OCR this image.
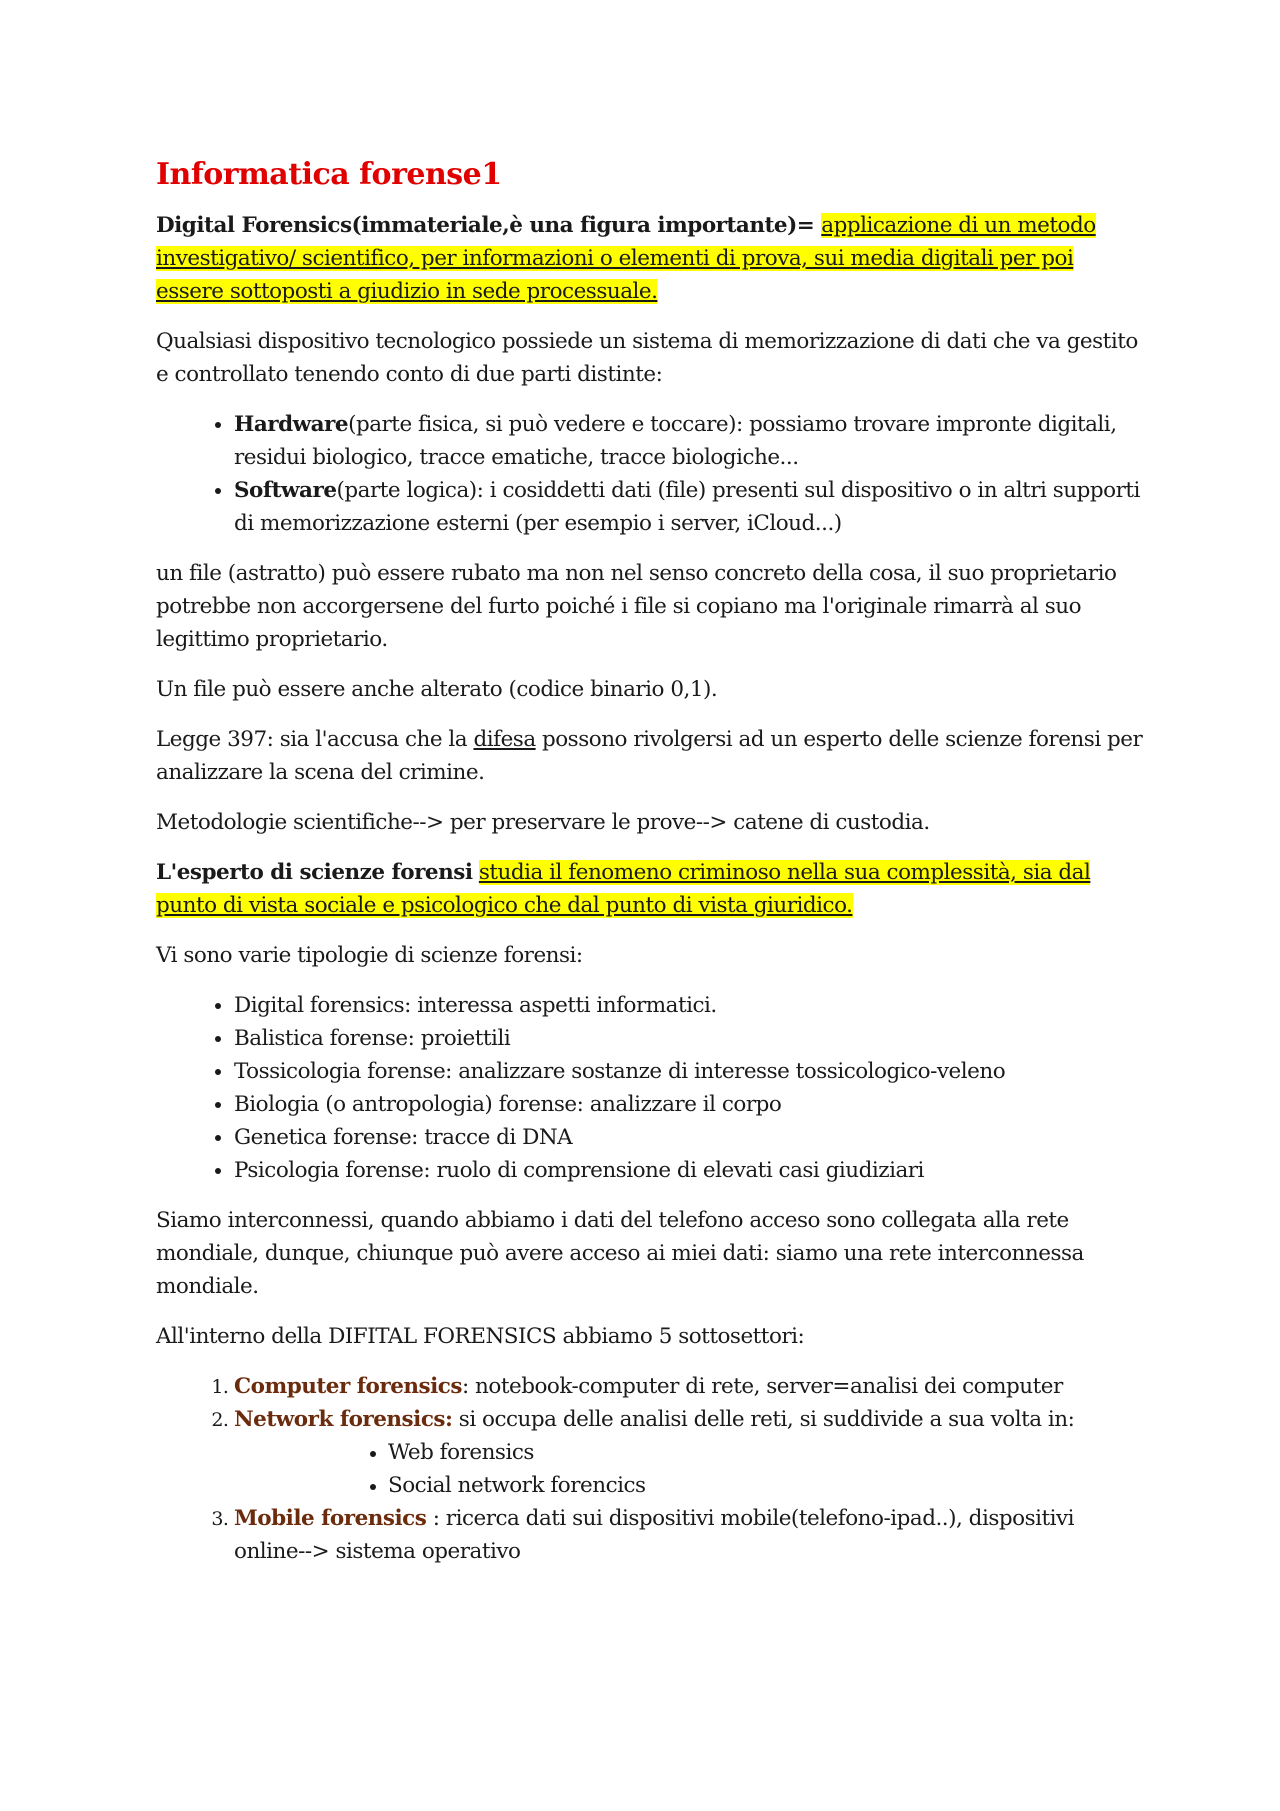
Informatica forense1

Digital Forensics(immateriale,è una figura importante)= applicazione di un metodo investigativo/ scientifico, per informazioni o elementi di prova, sui media digitali per poi essere sottoposti a giudizio in sede processuale.

Qualsiasi dispositivo tecnologico possiede un sistema di memorizzazione di dati che va gestito e controllato tenendo conto di due parti distinte:

• Hardware(parte fisica, si può vedere e toccare): possiamo trovare impronte digitali, residui biologico, tracce ematiche, tracce biologiche...
• Software(parte logica): i cosiddetti dati (file) presenti sul dispositivo o in altri supporti di memorizzazione esterni (per esempio i server, iCloud...)

un file (astratto) può essere rubato ma non nel senso concreto della cosa, il suo proprietario potrebbe non accorgersene del furto poiché i file si copiano ma l'originale rimarrà al suo legittimo proprietario.

Un file può essere anche alterato (codice binario 0,1).

Legge 397: sia l'accusa che la difesa possono rivolgersi ad un esperto delle scienze forensi per analizzare la scena del crimine.

Metodologie scientifiche--> per preservare le prove--> catene di custodia.

L'esperto di scienze forensi studia il fenomeno criminoso nella sua complessità, sia dal punto di vista sociale e psicologico che dal punto di vista giuridico.

Vi sono varie tipologie di scienze forensi:

• Digital forensics: interessa aspetti informatici.
• Balistica forense: proiettili
• Tossicologia forense: analizzare sostanze di interesse tossicologico-veleno
• Biologia (o antropologia) forense: analizzare il corpo
• Genetica forense: tracce di DNA
• Psicologia forense: ruolo di comprensione di elevati casi giudiziari

Siamo interconnessi, quando abbiamo i dati del telefono acceso sono collegata alla rete mondiale, dunque, chiunque può avere acceso ai miei dati: siamo una rete interconnessa mondiale.

All'interno della DIFITAL FORENSICS abbiamo 5 sottosettori:

1. Computer forensics: notebook-computer di rete, server=analisi dei computer
2. Network forensics: si occupa delle analisi delle reti, si suddivide a sua volta in:
• Web forensics
• Social network forencics
3. Mobile forensics : ricerca dati sui dispositivi mobile(telefono-ipad..), dispositivi online--> sistema operativo
